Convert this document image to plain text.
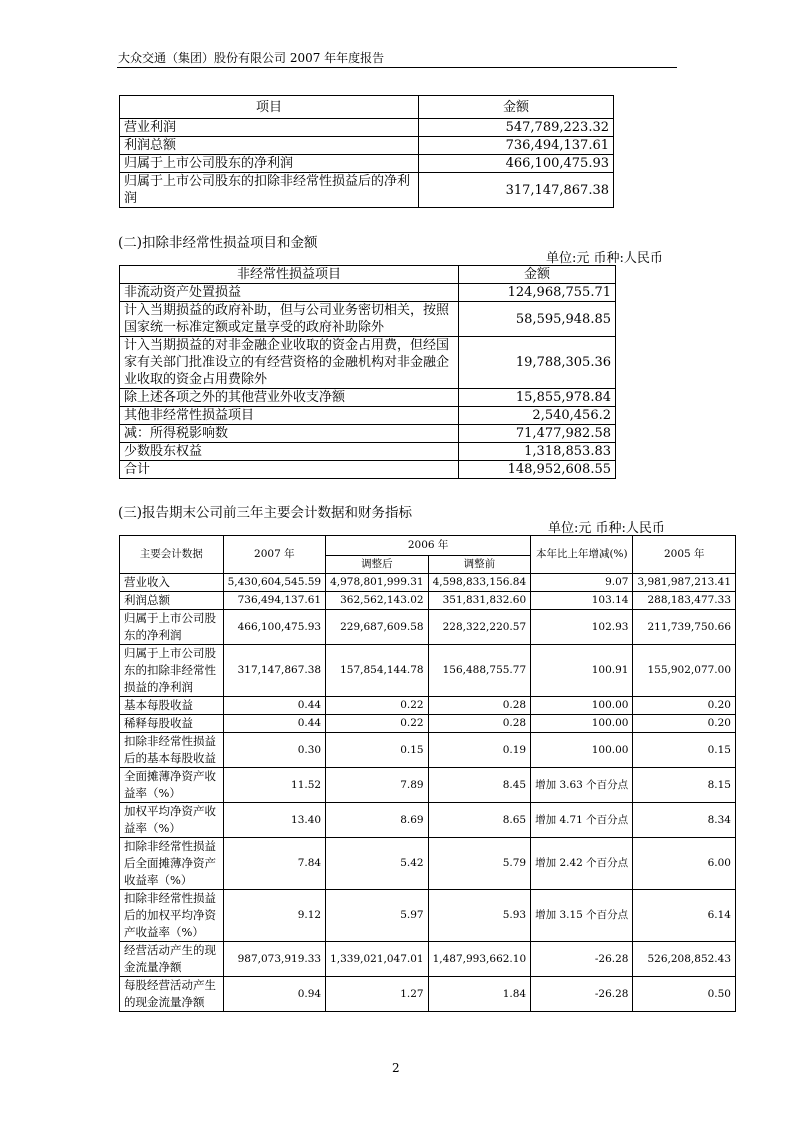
大众交通（集团）股份有限公司 2007 年年度报告
项目	金额
营业利润	547,789,223.32
利润总额	736,494,137.61
归属于上市公司股东的净利润	466,100,475.93
归属于上市公司股东的扣除非经常性损益后的净利润	317,147,867.38
(二)扣除非经常性损益项目和金额
单位:元 币种:人民币
非经常性损益项目	金额
非流动资产处置损益	124,968,755.71
计入当期损益的政府补助，但与公司业务密切相关，按照国家统一标准定额或定量享受的政府补助除外	58,595,948.85
计入当期损益的对非金融企业收取的资金占用费，但经国家有关部门批准设立的有经营资格的金融机构对非金融企业收取的资金占用费除外	19,788,305.36
除上述各项之外的其他营业外收支净额	15,855,978.84
其他非经常性损益项目	2,540,456.2
减：所得税影响数	71,477,982.58
少数股东权益	1,318,853.83
合计	148,952,608.55
(三)报告期末公司前三年主要会计数据和财务指标
单位:元 币种:人民币
主要会计数据	2007 年	2006 年		本年比上年增减(%)	2005 年
		调整后	调整前		
营业收入	5,430,604,545.59	4,978,801,999.31	4,598,833,156.84	9.07	3,981,987,213.41
利润总额	736,494,137.61	362,562,143.02	351,831,832.60	103.14	288,183,477.33
归属于上市公司股东的净利润	466,100,475.93	229,687,609.58	228,322,220.57	102.93	211,739,750.66
归属于上市公司股东的扣除非经常性损益的净利润	317,147,867.38	157,854,144.78	156,488,755.77	100.91	155,902,077.00
基本每股收益	0.44	0.22	0.28	100.00	0.20
稀释每股收益	0.44	0.22	0.28	100.00	0.20
扣除非经常性损益后的基本每股收益	0.30	0.15	0.19	100.00	0.15
全面摊薄净资产收益率（%）	11.52	7.89	8.45	增加 3.63 个百分点	8.15
加权平均净资产收益率（%）	13.40	8.69	8.65	增加 4.71 个百分点	8.34
扣除非经常性损益后全面摊薄净资产收益率（%）	7.84	5.42	5.79	增加 2.42 个百分点	6.00
扣除非经常性损益后的加权平均净资产收益率（%）	9.12	5.97	5.93	增加 3.15 个百分点	6.14
经营活动产生的现金流量净额	987,073,919.33	1,339,021,047.01	1,487,993,662.10	-26.28	526,208,852.43
每股经营活动产生的现金流量净额	0.94	1.27	1.84	-26.28	0.50
2
